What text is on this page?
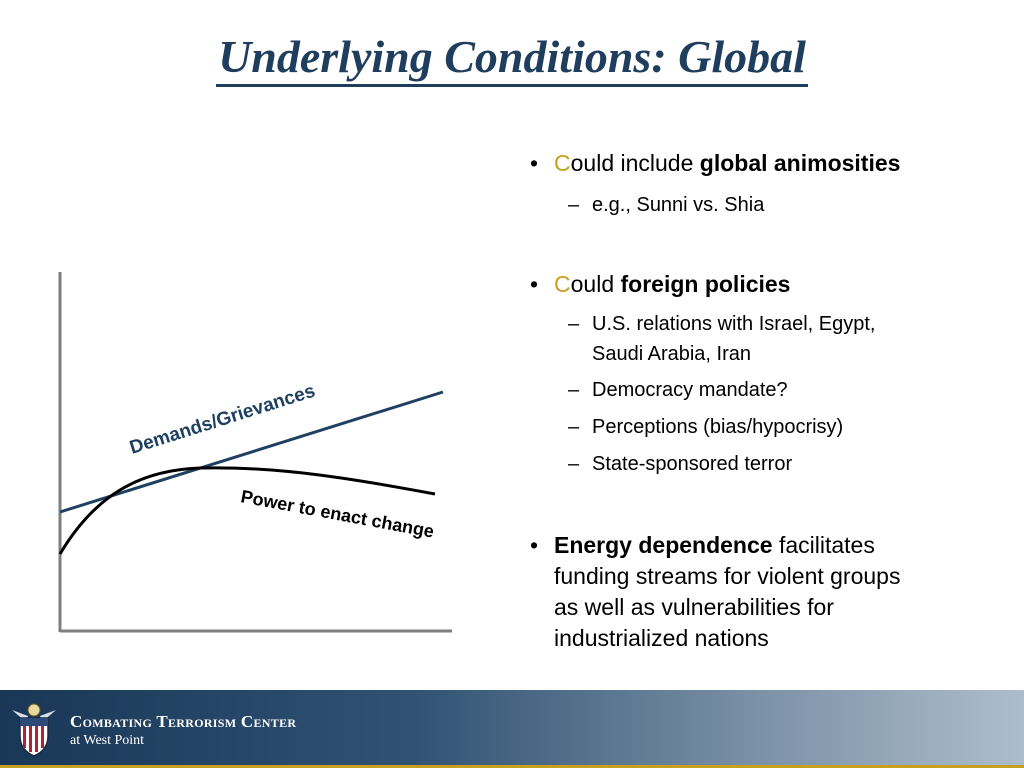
Underlying Conditions: Global
Demands/Grievances
Power to enact change
• Could include global animosities
– e.g., Sunni vs. Shia
• Could foreign policies
– U.S. relations with Israel, Egypt,
Saudi Arabia, Iran
– Democracy mandate?
– Perceptions (bias/hypocrisy)
– State-sponsored terror
• Energy dependence facilitates
funding streams for violent groups
as well as vulnerabilities for
industrialized nations
Combating Terrorism Center
at West Point
